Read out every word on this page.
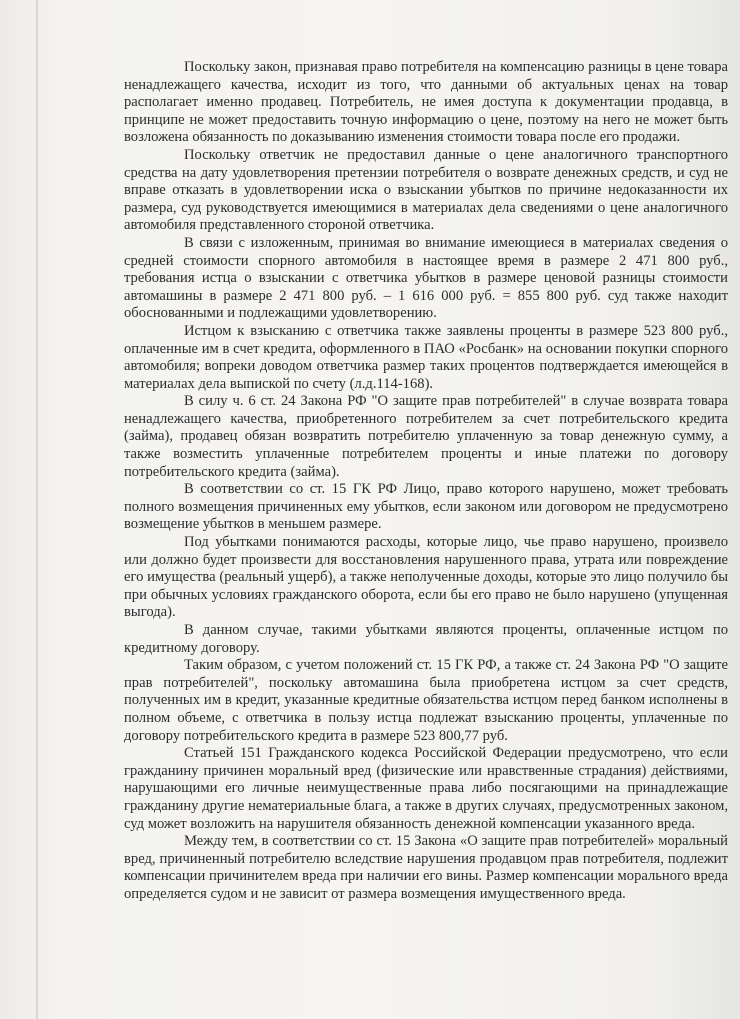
Поскольку закон, признавая право потребителя на компенсацию разницы в цене товара ненадлежащего качества, исходит из того, что данными об актуальных ценах на товар располагает именно продавец. Потребитель, не имея доступа к документации продавца, в принципе не может предоставить точную информацию о цене, поэтому на него не может быть возложена обязанность по доказыванию изменения стоимости товара после его продажи.

Поскольку ответчик не предоставил данные о цене аналогичного транспортного средства на дату удовлетворения претензии потребителя о возврате денежных средств, и суд не вправе отказать в удовлетворении иска о взыскании убытков по причине недоказанности их размера, суд руководствуется имеющимися в материалах дела сведениями о цене аналогичного автомобиля представленного стороной ответчика.

В связи с изложенным, принимая во внимание имеющиеся в материалах сведения о средней стоимости спорного автомобиля в настоящее время в размере 2 471 800 руб., требования истца о взыскании с ответчика убытков в размере ценовой разницы стоимости автомашины в размере 2 471 800 руб. – 1 616 000 руб. = 855 800 руб. суд также находит обоснованными и подлежащими удовлетворению.

Истцом к взысканию с ответчика также заявлены проценты в размере 523 800 руб., оплаченные им в счет кредита, оформленного в ПАО «Росбанк» на основании покупки спорного автомобиля; вопреки доводом ответчика размер таких процентов подтверждается имеющейся в материалах дела выпиской по счету (л.д.114-168).

В силу ч. 6 ст. 24 Закона РФ "О защите прав потребителей" в случае возврата товара ненадлежащего качества, приобретенного потребителем за счет потребительского кредита (займа), продавец обязан возвратить потребителю уплаченную за товар денежную сумму, а также возместить уплаченные потребителем проценты и иные платежи по договору потребительского кредита (займа).

В соответствии со ст. 15 ГК РФ Лицо, право которого нарушено, может требовать полного возмещения причиненных ему убытков, если законом или договором не предусмотрено возмещение убытков в меньшем размере.

Под убытками понимаются расходы, которые лицо, чье право нарушено, произвело или должно будет произвести для восстановления нарушенного права, утрата или повреждение его имущества (реальный ущерб), а также неполученные доходы, которые это лицо получило бы при обычных условиях гражданского оборота, если бы его право не было нарушено (упущенная выгода).

В данном случае, такими убытками являются проценты, оплаченные истцом по кредитному договору.

Таким образом, с учетом положений ст. 15 ГК РФ, а также ст. 24 Закона РФ "О защите прав потребителей", поскольку автомашина была приобретена истцом за счет средств, полученных им в кредит, указанные кредитные обязательства истцом перед банком исполнены в полном объеме, с ответчика в пользу истца подлежат взысканию проценты, уплаченные по договору потребительского кредита в размере 523 800,77 руб.

Статьей 151 Гражданского кодекса Российской Федерации предусмотрено, что если гражданину причинен моральный вред (физические или нравственные страдания) действиями, нарушающими его личные неимущественные права либо посягающими на принадлежащие гражданину другие нематериальные блага, а также в других случаях, предусмотренных законом, суд может возложить на нарушителя обязанность денежной компенсации указанного вреда.

Между тем, в соответствии со ст. 15 Закона «О защите прав потребителей» моральный вред, причиненный потребителю вследствие нарушения продавцом прав потребителя, подлежит компенсации причинителем вреда при наличии его вины. Размер компенсации морального вреда определяется судом и не зависит от размера возмещения имущественного вреда.
